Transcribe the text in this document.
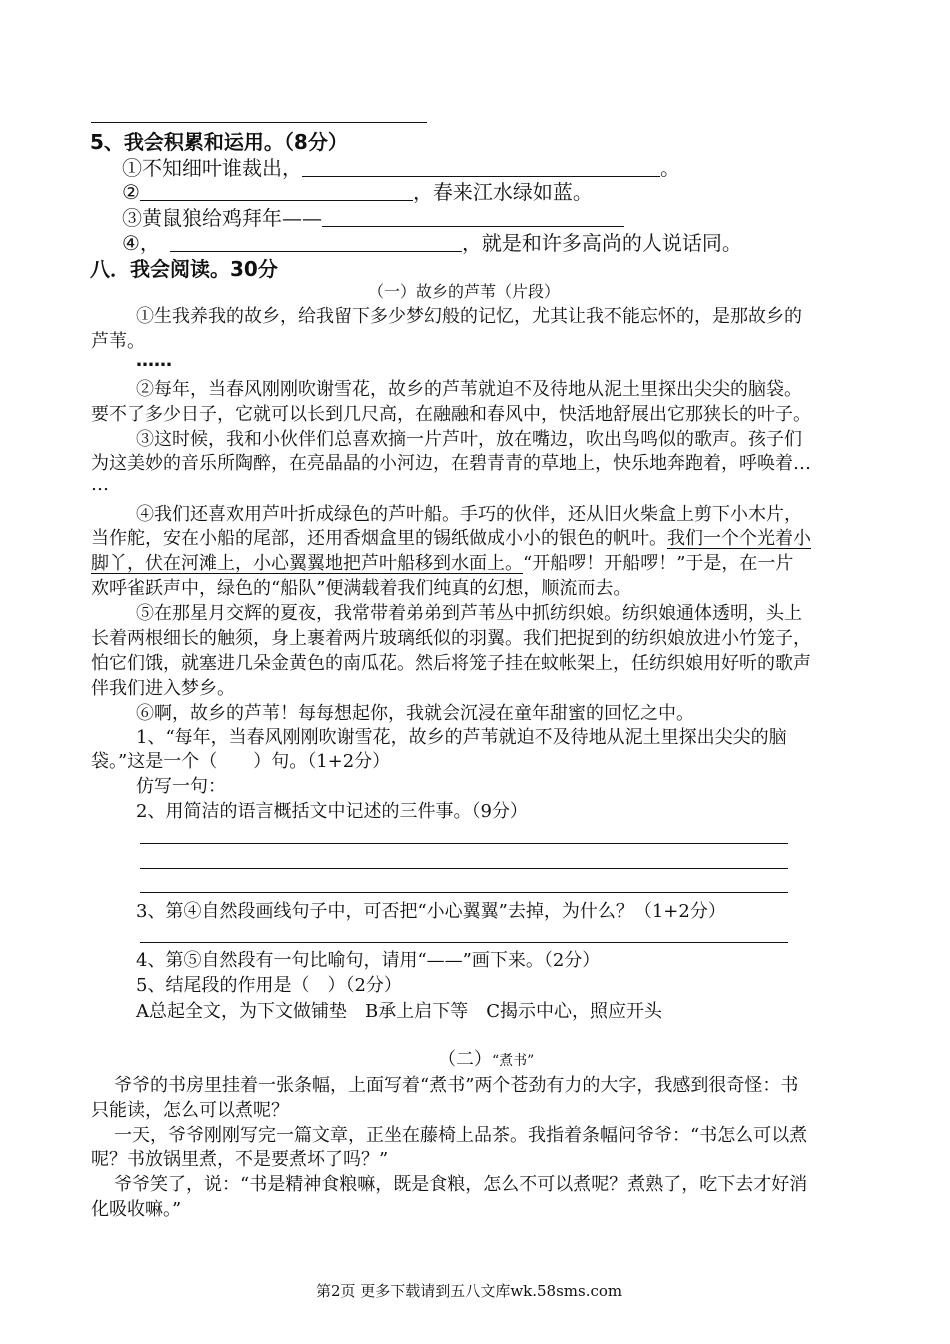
5、我会积累和运用。（8分）
①不知细叶谁裁出，	。
②	，春来江水绿如蓝。
③黄鼠狼给鸡拜年——
④，	，就是和许多高尚的人说话同。
八．我会阅读。30分
（一）故乡的芦苇（片段）
①生我养我的故乡，给我留下多少梦幻般的记忆，尤其让我不能忘怀的，是那故乡的
芦苇。
……
②每年，当春风刚刚吹谢雪花，故乡的芦苇就迫不及待地从泥土里探出尖尖的脑袋。
要不了多少日子，它就可以长到几尺高，在融融和春风中，快活地舒展出它那狭长的叶子。
③这时候，我和小伙伴们总喜欢摘一片芦叶，放在嘴边，吹出鸟鸣似的歌声。孩子们
为这美妙的音乐所陶醉，在亮晶晶的小河边，在碧青青的草地上，快乐地奔跑着，呼唤着…
…
④我们还喜欢用芦叶折成绿色的芦叶船。手巧的伙伴，还从旧火柴盒上剪下小木片，
当作舵，安在小船的尾部，还用香烟盒里的锡纸做成小小的银色的帆叶。我们一个个光着小
脚丫，伏在河滩上，小心翼翼地把芦叶船移到水面上。“开船啰！开船啰！”于是，在一片
欢呼雀跃声中，绿色的“船队”便满载着我们纯真的幻想，顺流而去。
⑤在那星月交辉的夏夜，我常带着弟弟到芦苇丛中抓纺织娘。纺织娘通体透明，头上
长着两根细长的触须，身上裹着两片玻璃纸似的羽翼。我们把捉到的纺织娘放进小竹笼子，
怕它们饿，就塞进几朵金黄色的南瓜花。然后将笼子挂在蚊帐架上，任纺织娘用好听的歌声
伴我们进入梦乡。
⑥啊，故乡的芦苇！每每想起你，我就会沉浸在童年甜蜜的回忆之中。
1、“每年，当春风刚刚吹谢雪花，故乡的芦苇就迫不及待地从泥土里探出尖尖的脑
袋。”这是一个（　　）句。（1+2分）
仿写一句：
2、用简洁的语言概括文中记述的三件事。（9分）
3、第④自然段画线句子中，可否把“小心翼翼”去掉，为什么？（1+2分）
4、第⑤自然段有一句比喻句，请用“——”画下来。（2分）
5、结尾段的作用是（　）（2分）
A总起全文，为下文做铺垫　B承上启下等　C揭示中心，照应开头
（二）“煮书”
爷爷的书房里挂着一张条幅，上面写着“煮书”两个苍劲有力的大字，我感到很奇怪：书
只能读，怎么可以煮呢？
一天，爷爷刚刚写完一篇文章，正坐在藤椅上品茶。我指着条幅问爷爷：“书怎么可以煮
呢？书放锅里煮，不是要煮坏了吗？”
爷爷笑了，说：“书是精神食粮嘛，既是食粮，怎么不可以煮呢？煮熟了，吃下去才好消
化吸收嘛。”
第2页 更多下载请到五八文库wk.58sms.com
